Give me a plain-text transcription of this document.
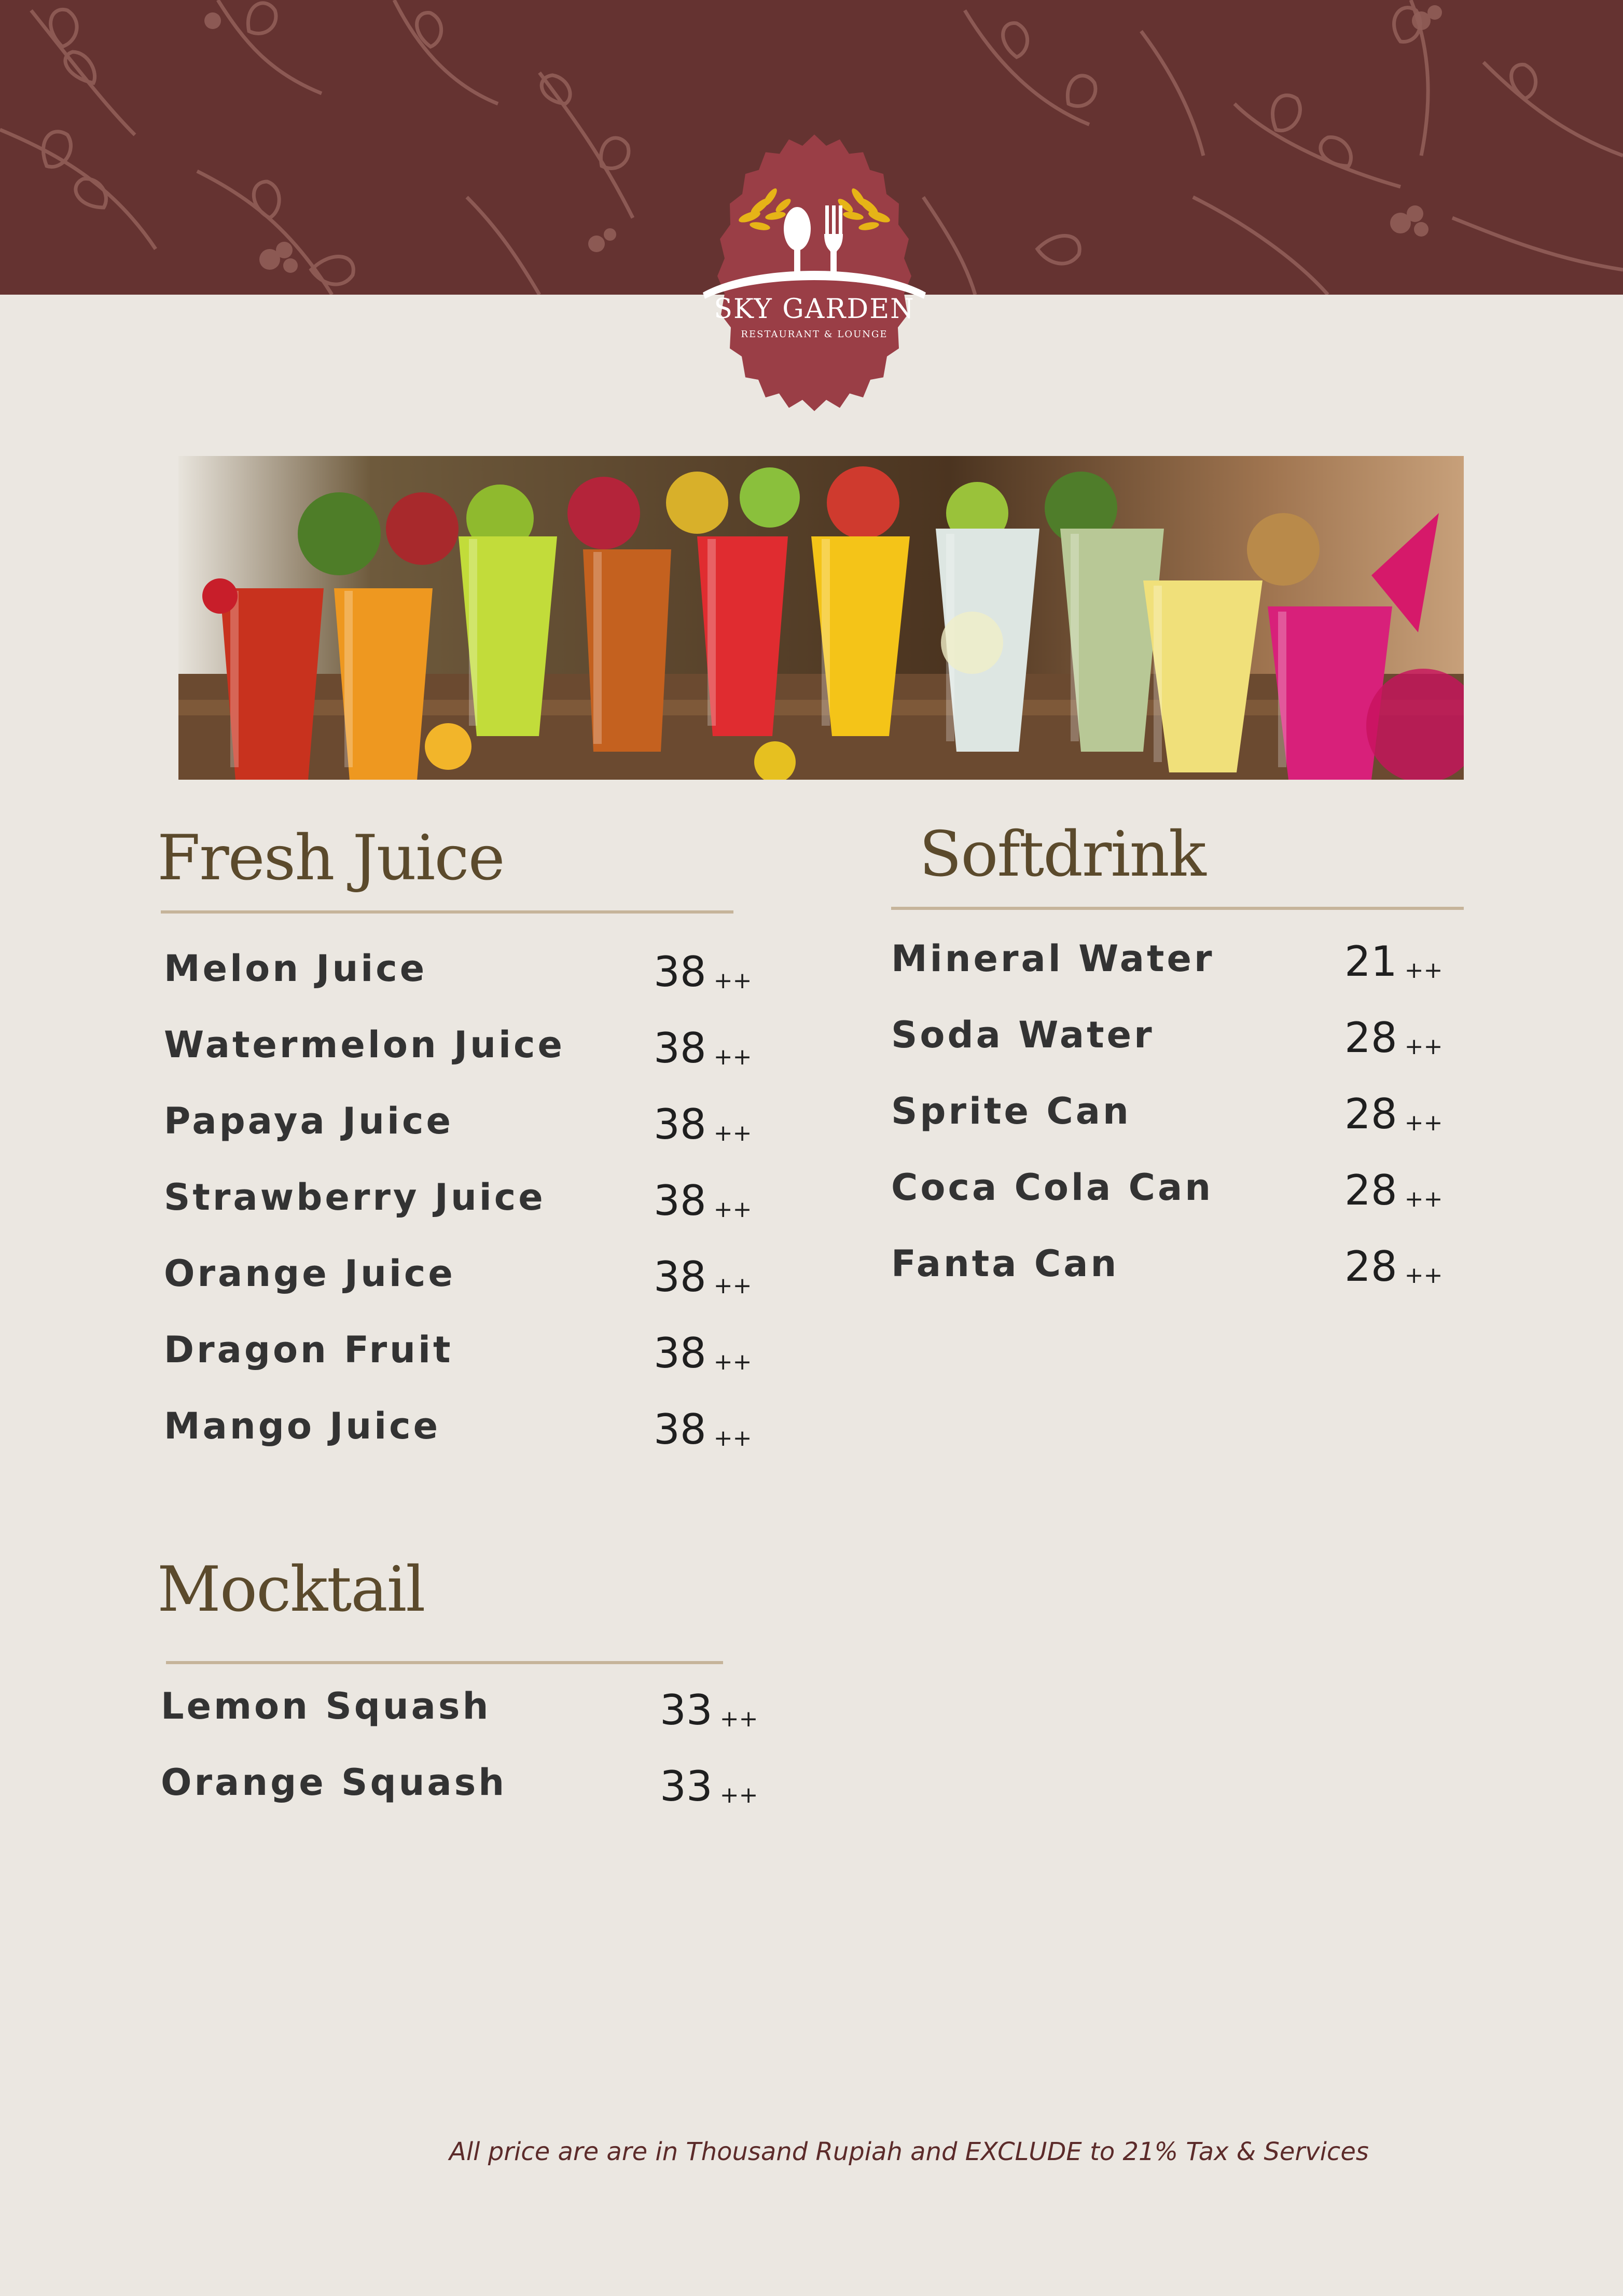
SKY GARDEN
RESTAURANT & LOUNGE
Fresh Juice
Melon Juice	38 ++
Watermelon Juice 38 ++
Papaya Juice	38 ++
Strawberry Juice	38 ++
Orange Juice	38 ++
Dragon Fruit	38 ++
Mango Juice	38 ++
Softdrink
Mineral Water	21 ++
Soda Water	28 ++
Sprite Can	28 ++
Coca Cola Can	28 ++
Fanta Can	28 ++
Mocktail
Lemon Squash	33 ++
Orange Squash	33 ++
All price are are in Thousand Rupiah and EXCLUDE to 21% Tax & Services
